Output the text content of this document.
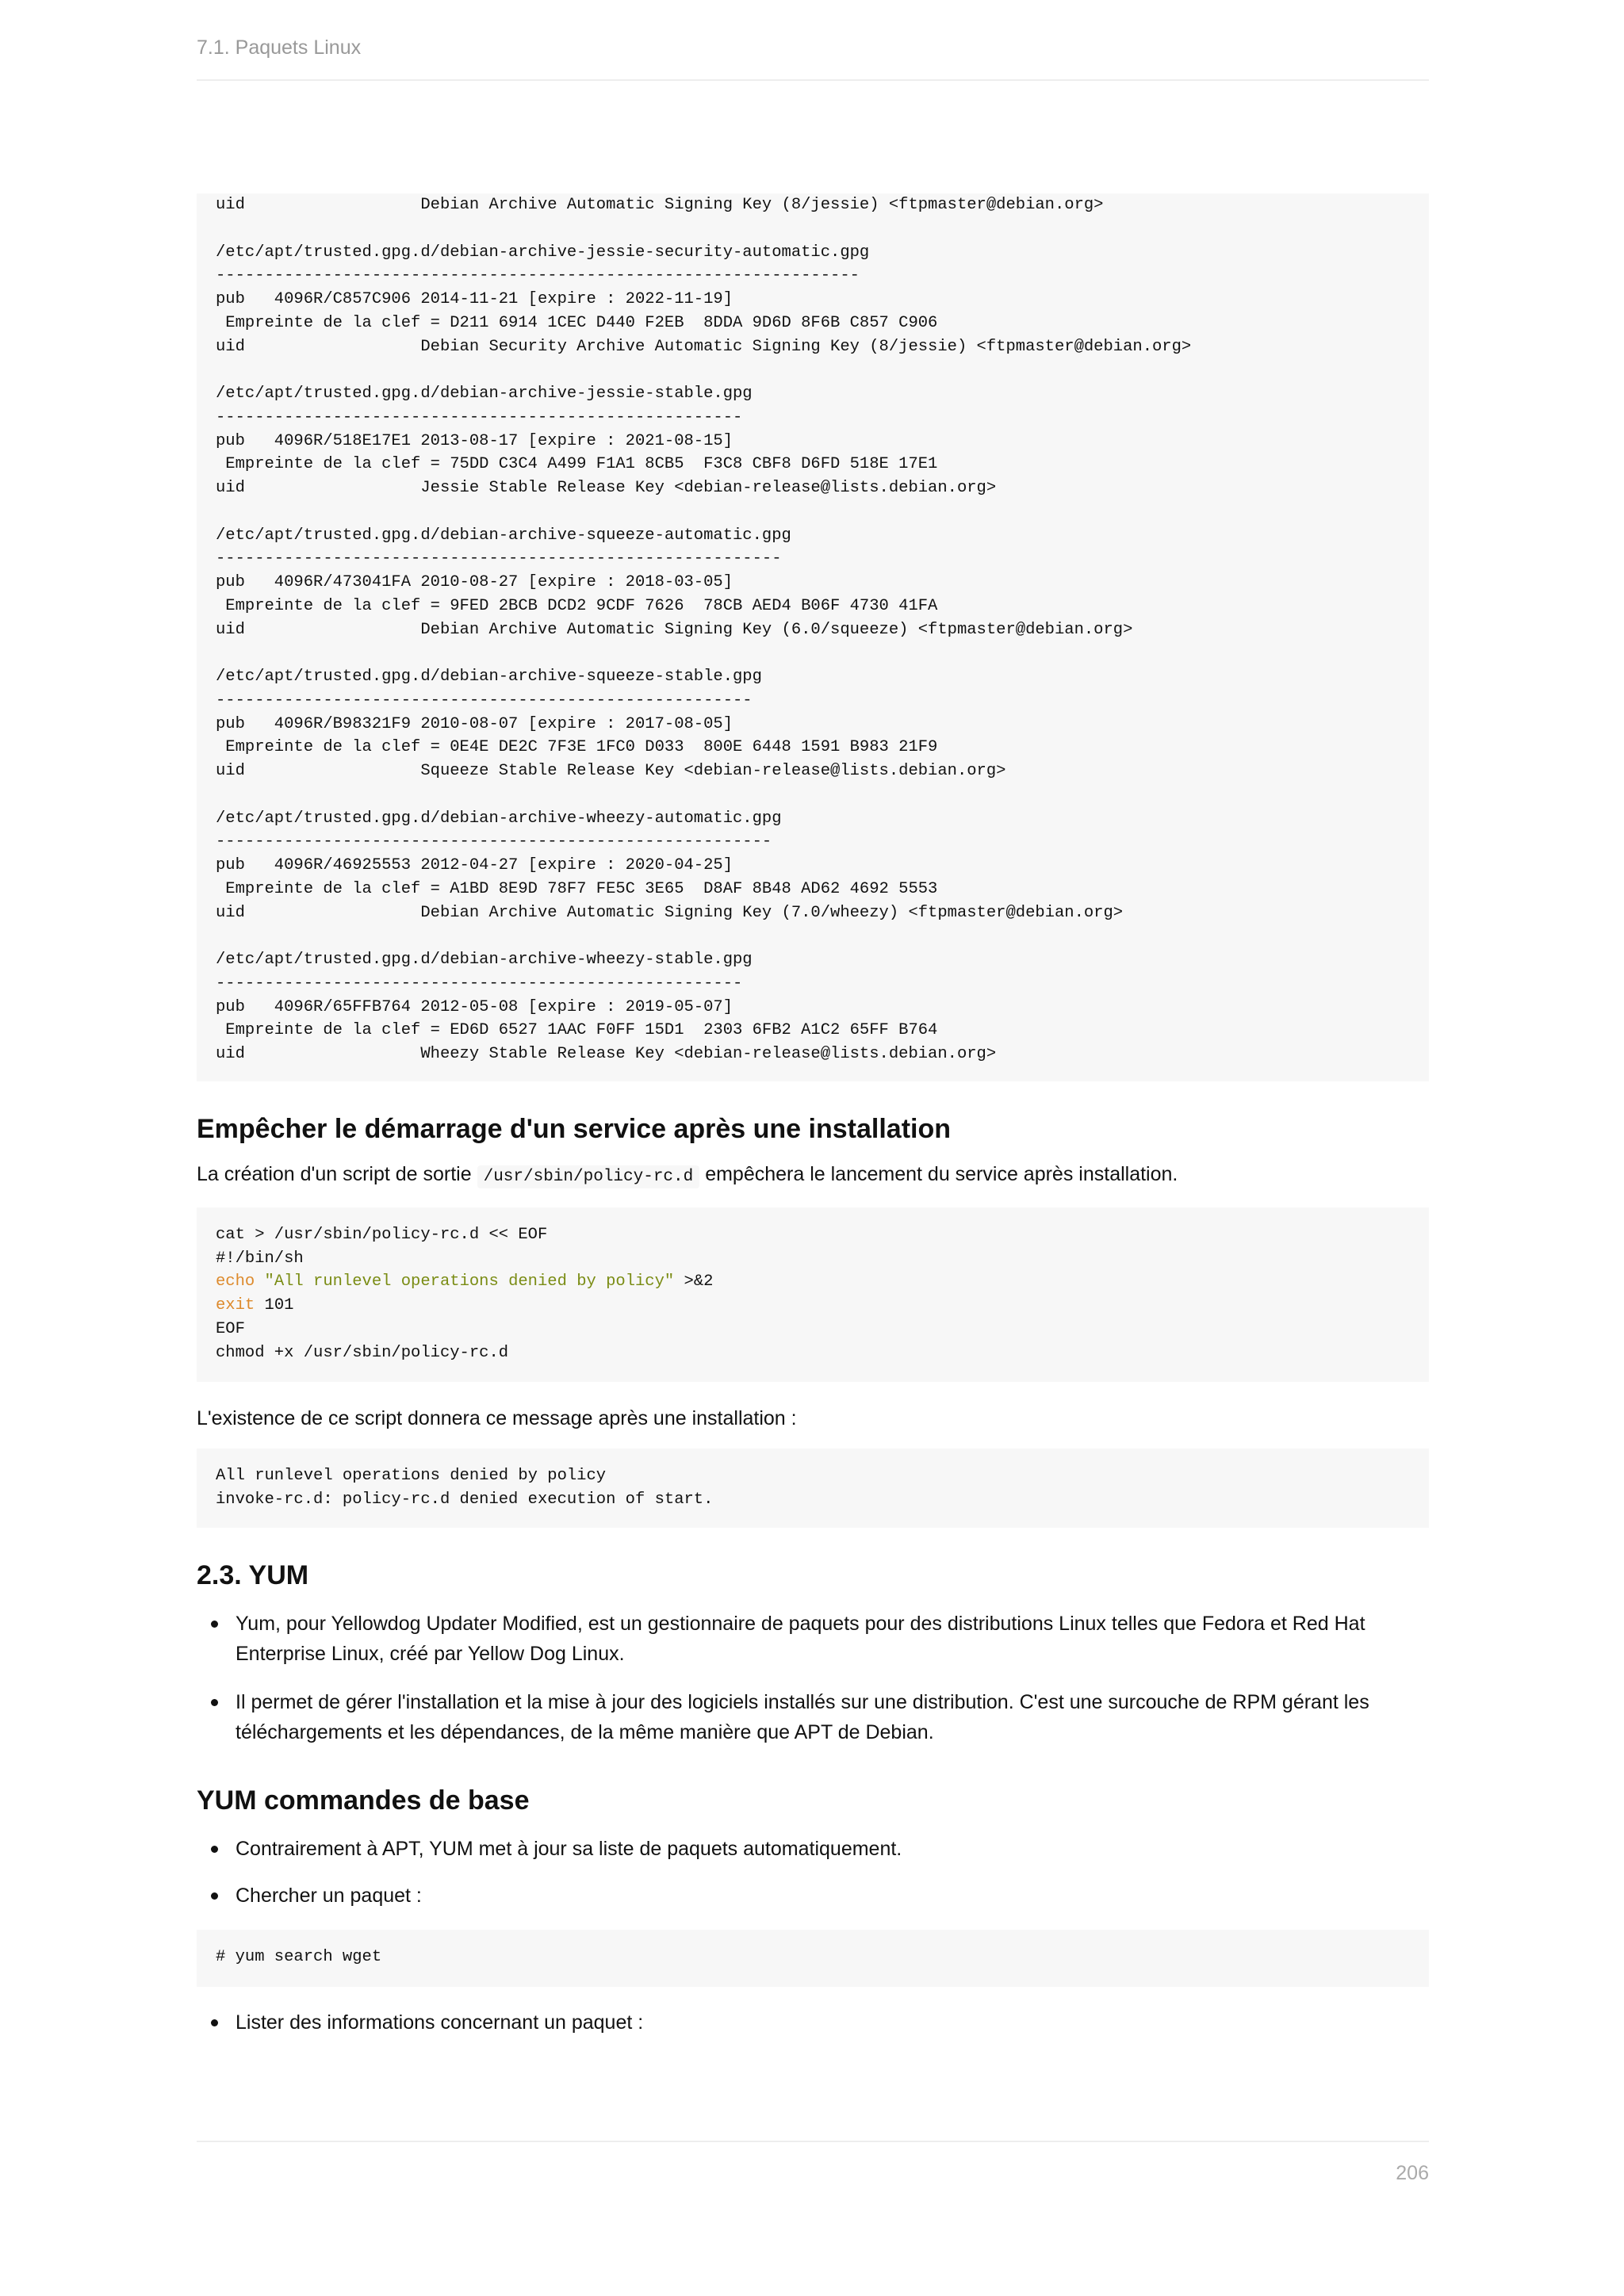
7.1. Paquets Linux
uid                  Debian Archive Automatic Signing Key (8/jessie) <ftpmaster@debian.org>
/etc/apt/trusted.gpg.d/debian-archive-jessie-security-automatic.gpg
------------------------------------------------------------------
pub   4096R/C857C906 2014-11-21 [expire : 2022-11-19]
Empreinte de la clef = D211 6914 1CEC D440 F2EB  8DDA 9D6D 8F6B C857 C906
uid                  Debian Security Archive Automatic Signing Key (8/jessie) <ftpmaster@debian.org>
/etc/apt/trusted.gpg.d/debian-archive-jessie-stable.gpg
------------------------------------------------------
pub   4096R/518E17E1 2013-08-17 [expire : 2021-08-15]
Empreinte de la clef = 75DD C3C4 A499 F1A1 8CB5  F3C8 CBF8 D6FD 518E 17E1
uid                  Jessie Stable Release Key <debian-release@lists.debian.org>
/etc/apt/trusted.gpg.d/debian-archive-squeeze-automatic.gpg
----------------------------------------------------------
pub   4096R/473041FA 2010-08-27 [expire : 2018-03-05]
Empreinte de la clef = 9FED 2BCB DCD2 9CDF 7626  78CB AED4 B06F 4730 41FA
uid                  Debian Archive Automatic Signing Key (6.0/squeeze) <ftpmaster@debian.org>
/etc/apt/trusted.gpg.d/debian-archive-squeeze-stable.gpg
-------------------------------------------------------
pub   4096R/B98321F9 2010-08-07 [expire : 2017-08-05]
Empreinte de la clef = 0E4E DE2C 7F3E 1FC0 D033  800E 6448 1591 B983 21F9
uid                  Squeeze Stable Release Key <debian-release@lists.debian.org>
/etc/apt/trusted.gpg.d/debian-archive-wheezy-automatic.gpg
---------------------------------------------------------
pub   4096R/46925553 2012-04-27 [expire : 2020-04-25]
Empreinte de la clef = A1BD 8E9D 78F7 FE5C 3E65  D8AF 8B48 AD62 4692 5553
uid                  Debian Archive Automatic Signing Key (7.0/wheezy) <ftpmaster@debian.org>
/etc/apt/trusted.gpg.d/debian-archive-wheezy-stable.gpg
------------------------------------------------------
pub   4096R/65FFB764 2012-05-08 [expire : 2019-05-07]
Empreinte de la clef = ED6D 6527 1AAC F0FF 15D1  2303 6FB2 A1C2 65FF B764
uid                  Wheezy Stable Release Key <debian-release@lists.debian.org>
Empêcher le démarrage d'un service après une installation

La création d'un script de sortie /usr/sbin/policy-rc.d empêchera le lancement du service après installation.

cat > /usr/sbin/policy-rc.d << EOF
#!/bin/sh
echo "All runlevel operations denied by policy" >&2
exit 101
EOF
chmod +x /usr/sbin/policy-rc.d

L'existence de ce script donnera ce message après une installation :

All runlevel operations denied by policy
invoke-rc.d: policy-rc.d denied execution of start.
2.3. YUM
Yum, pour Yellowdog Updater Modified, est un gestionnaire de paquets pour des distributions Linux telles que Fedora et Red Hat Enterprise Linux, créé par Yellow Dog Linux.
Il permet de gérer l'installation et la mise à jour des logiciels installés sur une distribution. C'est une surcouche de RPM gérant les téléchargements et les dépendances, de la même manière que APT de Debian.
YUM commandes de base
Contrairement à APT, YUM met à jour sa liste de paquets automatiquement.
Chercher un paquet :
# yum search wget
Lister des informations concernant un paquet :
206
